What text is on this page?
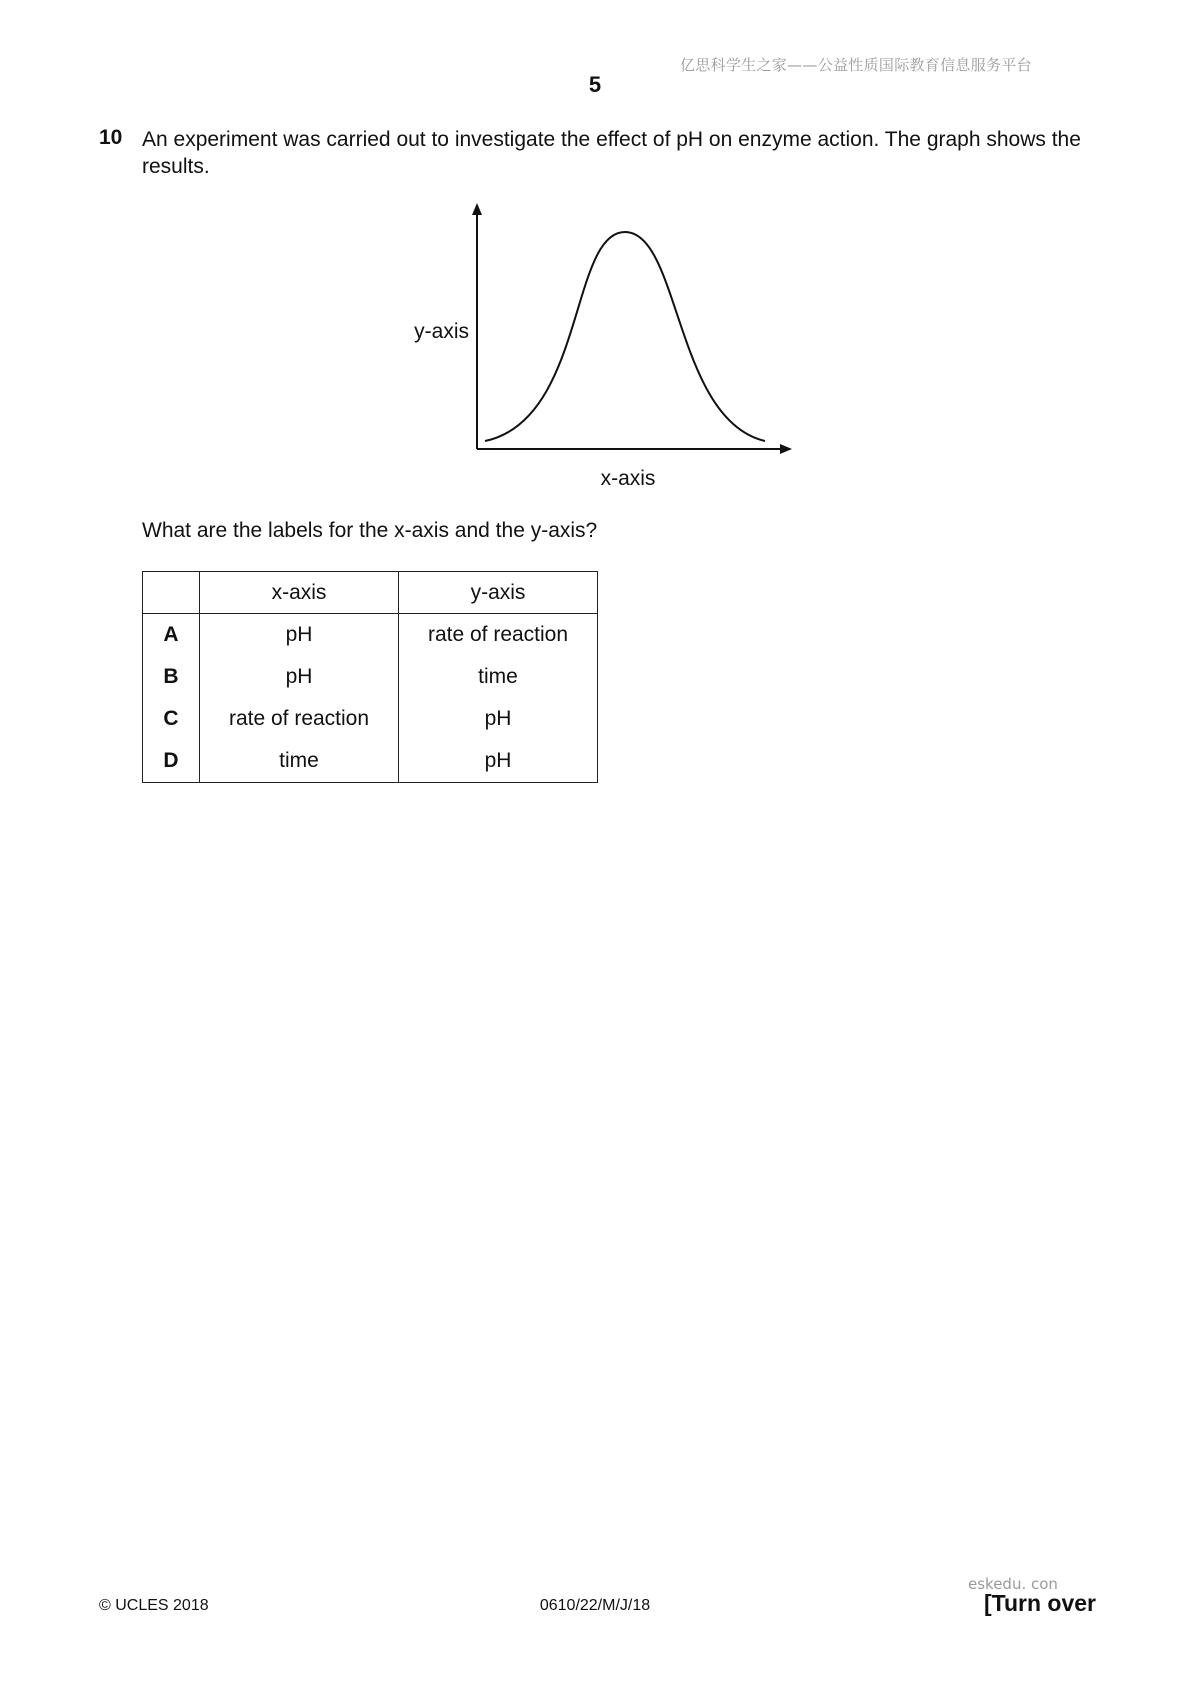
亿思科学生之家——公益性质国际教育信息服务平台
5
10 An experiment was carried out to investigate the effect of pH on enzyme action. The graph shows the results.
y-axis
x-axis
What are the labels for the x-axis and the y-axis?
	x-axis	y-axis
A	pH	rate of reaction
B	pH	time
C	rate of reaction	pH
D	time	pH
© UCLES 2018	0610/22/M/J/18
eskedu. con
[Turn over
